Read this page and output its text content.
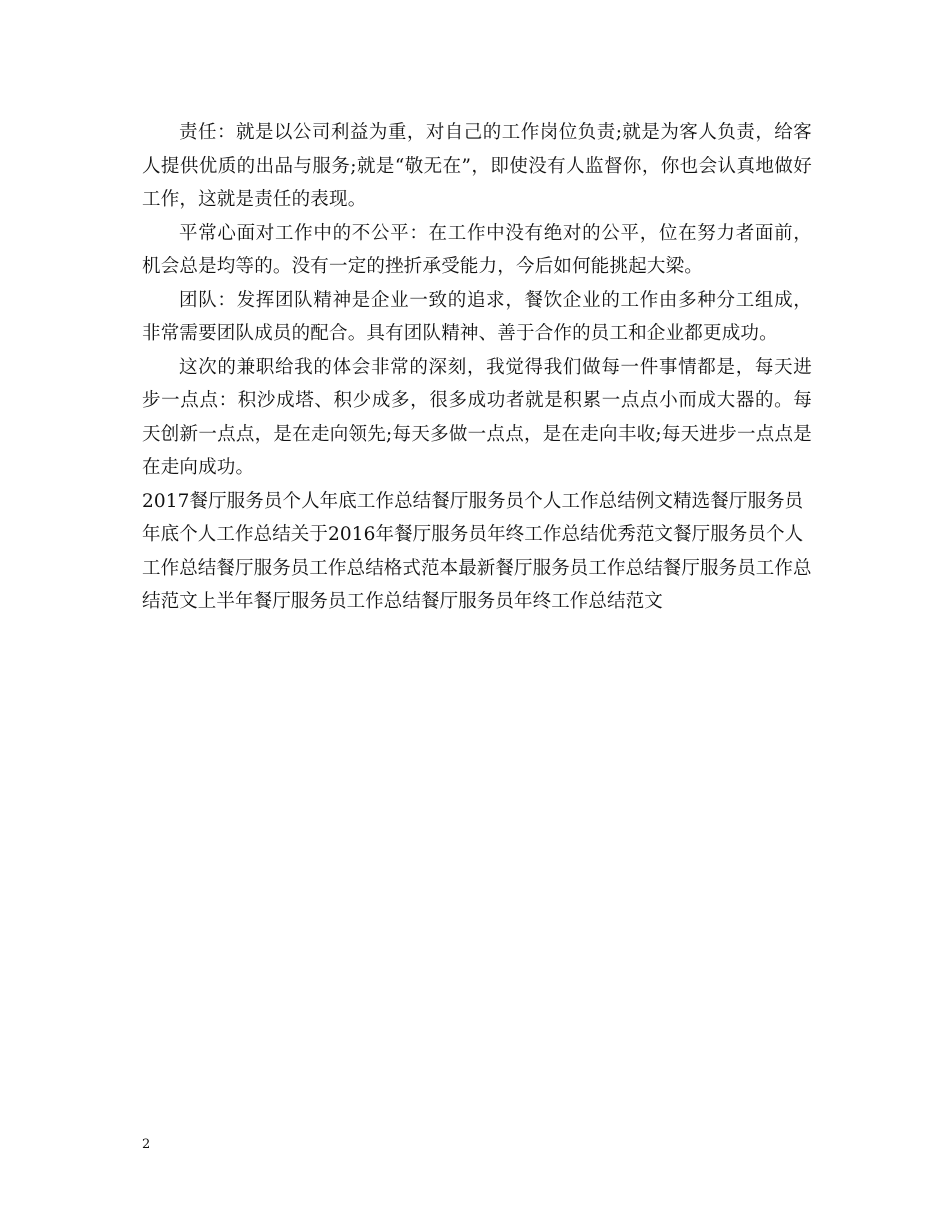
责任：就是以公司利益为重，对自己的工作岗位负责;就是为客人负责，给客人提供优质的出品与服务;就是“敬无在”，即使没有人监督你，你也会认真地做好工作，这就是责任的表现。

平常心面对工作中的不公平：在工作中没有绝对的公平，位在努力者面前，机会总是均等的。没有一定的挫折承受能力，今后如何能挑起大梁。

团队：发挥团队精神是企业一致的追求，餐饮企业的工作由多种分工组成，非常需要团队成员的配合。具有团队精神、善于合作的员工和企业都更成功。

这次的兼职给我的体会非常的深刻，我觉得我们做每一件事情都是，每天进步一点点：积沙成塔、积少成多，很多成功者就是积累一点点小而成大器的。每天创新一点点，是在走向领先;每天多做一点点，是在走向丰收;每天进步一点点是在走向成功。

2017餐厅服务员个人年底工作总结餐厅服务员个人工作总结例文精选餐厅服务员年底个人工作总结关于2016年餐厅服务员年终工作总结优秀范文餐厅服务员个人工作总结餐厅服务员工作总结格式范本最新餐厅服务员工作总结餐厅服务员工作总结范文上半年餐厅服务员工作总结餐厅服务员年终工作总结范文

2
